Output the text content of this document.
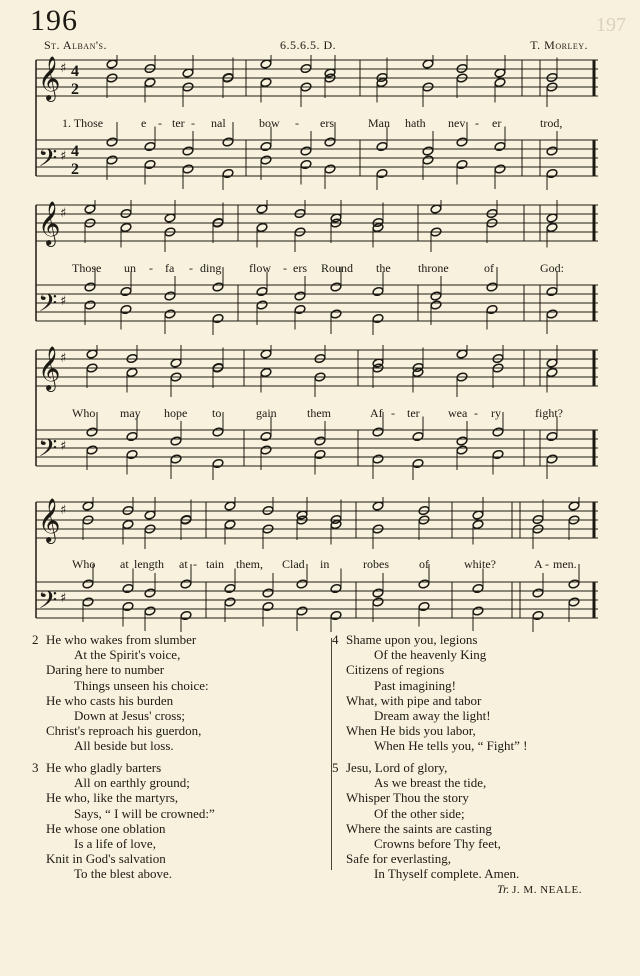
196	197
St. Alban's.	6.5.6.5. D.	T. Morley.
𝄞 ♯ 4
2
𝄢 ♯ 4
2
𝄞 ♯
𝄢 ♯
𝄞 ♯
𝄢 ♯
𝄞 ♯
𝄢 ♯
1. Those	e - ter - nal	bow - ers	Man hath nev - er	trod,
Those un - fa - ding flow - ers Round the throne	of	God:
Who may hope to	gain	them	Af - ter wea - ry	fight?
Who at length at - tain them, Clad in	robes	of	white?	A - men.
2 He who wakes from slumber
At the Spirit's voice,
Daring here to number
Things unseen his choice:
He who casts his burden
Down at Jesus' cross;
Christ's reproach his guerdon,
All beside but loss.
3 He who gladly barters
All on earthly ground;
He who, like the martyrs,
Says, “ I will be crowned:”
He whose one oblation
Is a life of love,
Knit in God's salvation
To the blest above.
4 Shame upon you, legions
Of the heavenly King
Citizens of regions
Past imagining!
What, with pipe and tabor
Dream away the light!
When He bids you labor,
When He tells you, “ Fight” !
5 Jesu, Lord of glory,
As we breast the tide,
Whisper Thou the story
Of the other side;
Where the saints are casting
Crowns before Thy feet,
Safe for everlasting,
In Thyself complete. Amen.
Tr. J. M. NEALE.
